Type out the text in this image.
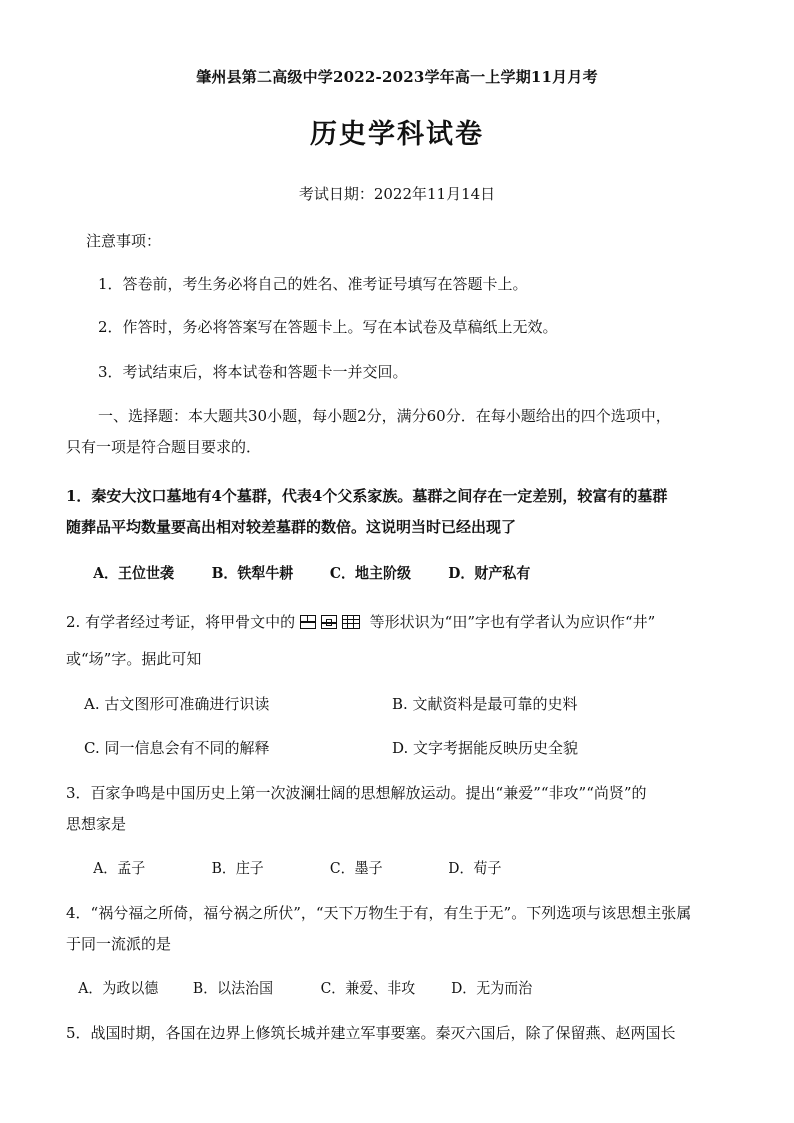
肇州县第二高级中学2022-2023学年高一上学期11月月考
历史学科试卷
考试日期：2022年11月14日
注意事项：
1．答卷前，考生务必将自己的姓名、准考证号填写在答题卡上。
2．作答时，务必将答案写在答题卡上。写在本试卷及草稿纸上无效。
3．考试结束后，将本试卷和答题卡一并交回。
一、选择题：本大题共30小题，每小题2分，满分60分．在每小题给出的四个选项中，
只有一项是符合题目要求的．
1．秦安大汶口墓地有4个墓群，代表4个父系家族。墓群之间存在一定差别，较富有的墓群
随葬品平均数量要高出相对较差墓群的数倍。这说明当时已经出现了
A．王位世袭	B．铁犁牛耕 C．地主阶级 D．财产私有
2. 有学者经过考证，将甲骨文中的	等形状识为“田”字也有学者认为应识作“井”
或“场”字。据此可知
A. 古文图形可准确进行识读	B. 文献资料是最可靠的史料
C. 同一信息会有不同的解释	D. 文字考据能反映历史全貌
3．百家争鸣是中国历史上第一次波澜壮阔的思想解放运动。提出“兼爱”“非攻”“尚贤”的
思想家是
A．孟子	B．庄子	C．墨子	D．荀子
4．“祸兮福之所倚，福兮祸之所伏”，“天下万物生于有，有生于无”。下列选项与该思想主张属
于同一流派的是
A．为政以德 B．以法治国	C．兼爱、非攻 D．无为而治
5．战国时期，各国在边界上修筑长城并建立军事要塞。秦灭六国后，除了保留燕、赵两国长
